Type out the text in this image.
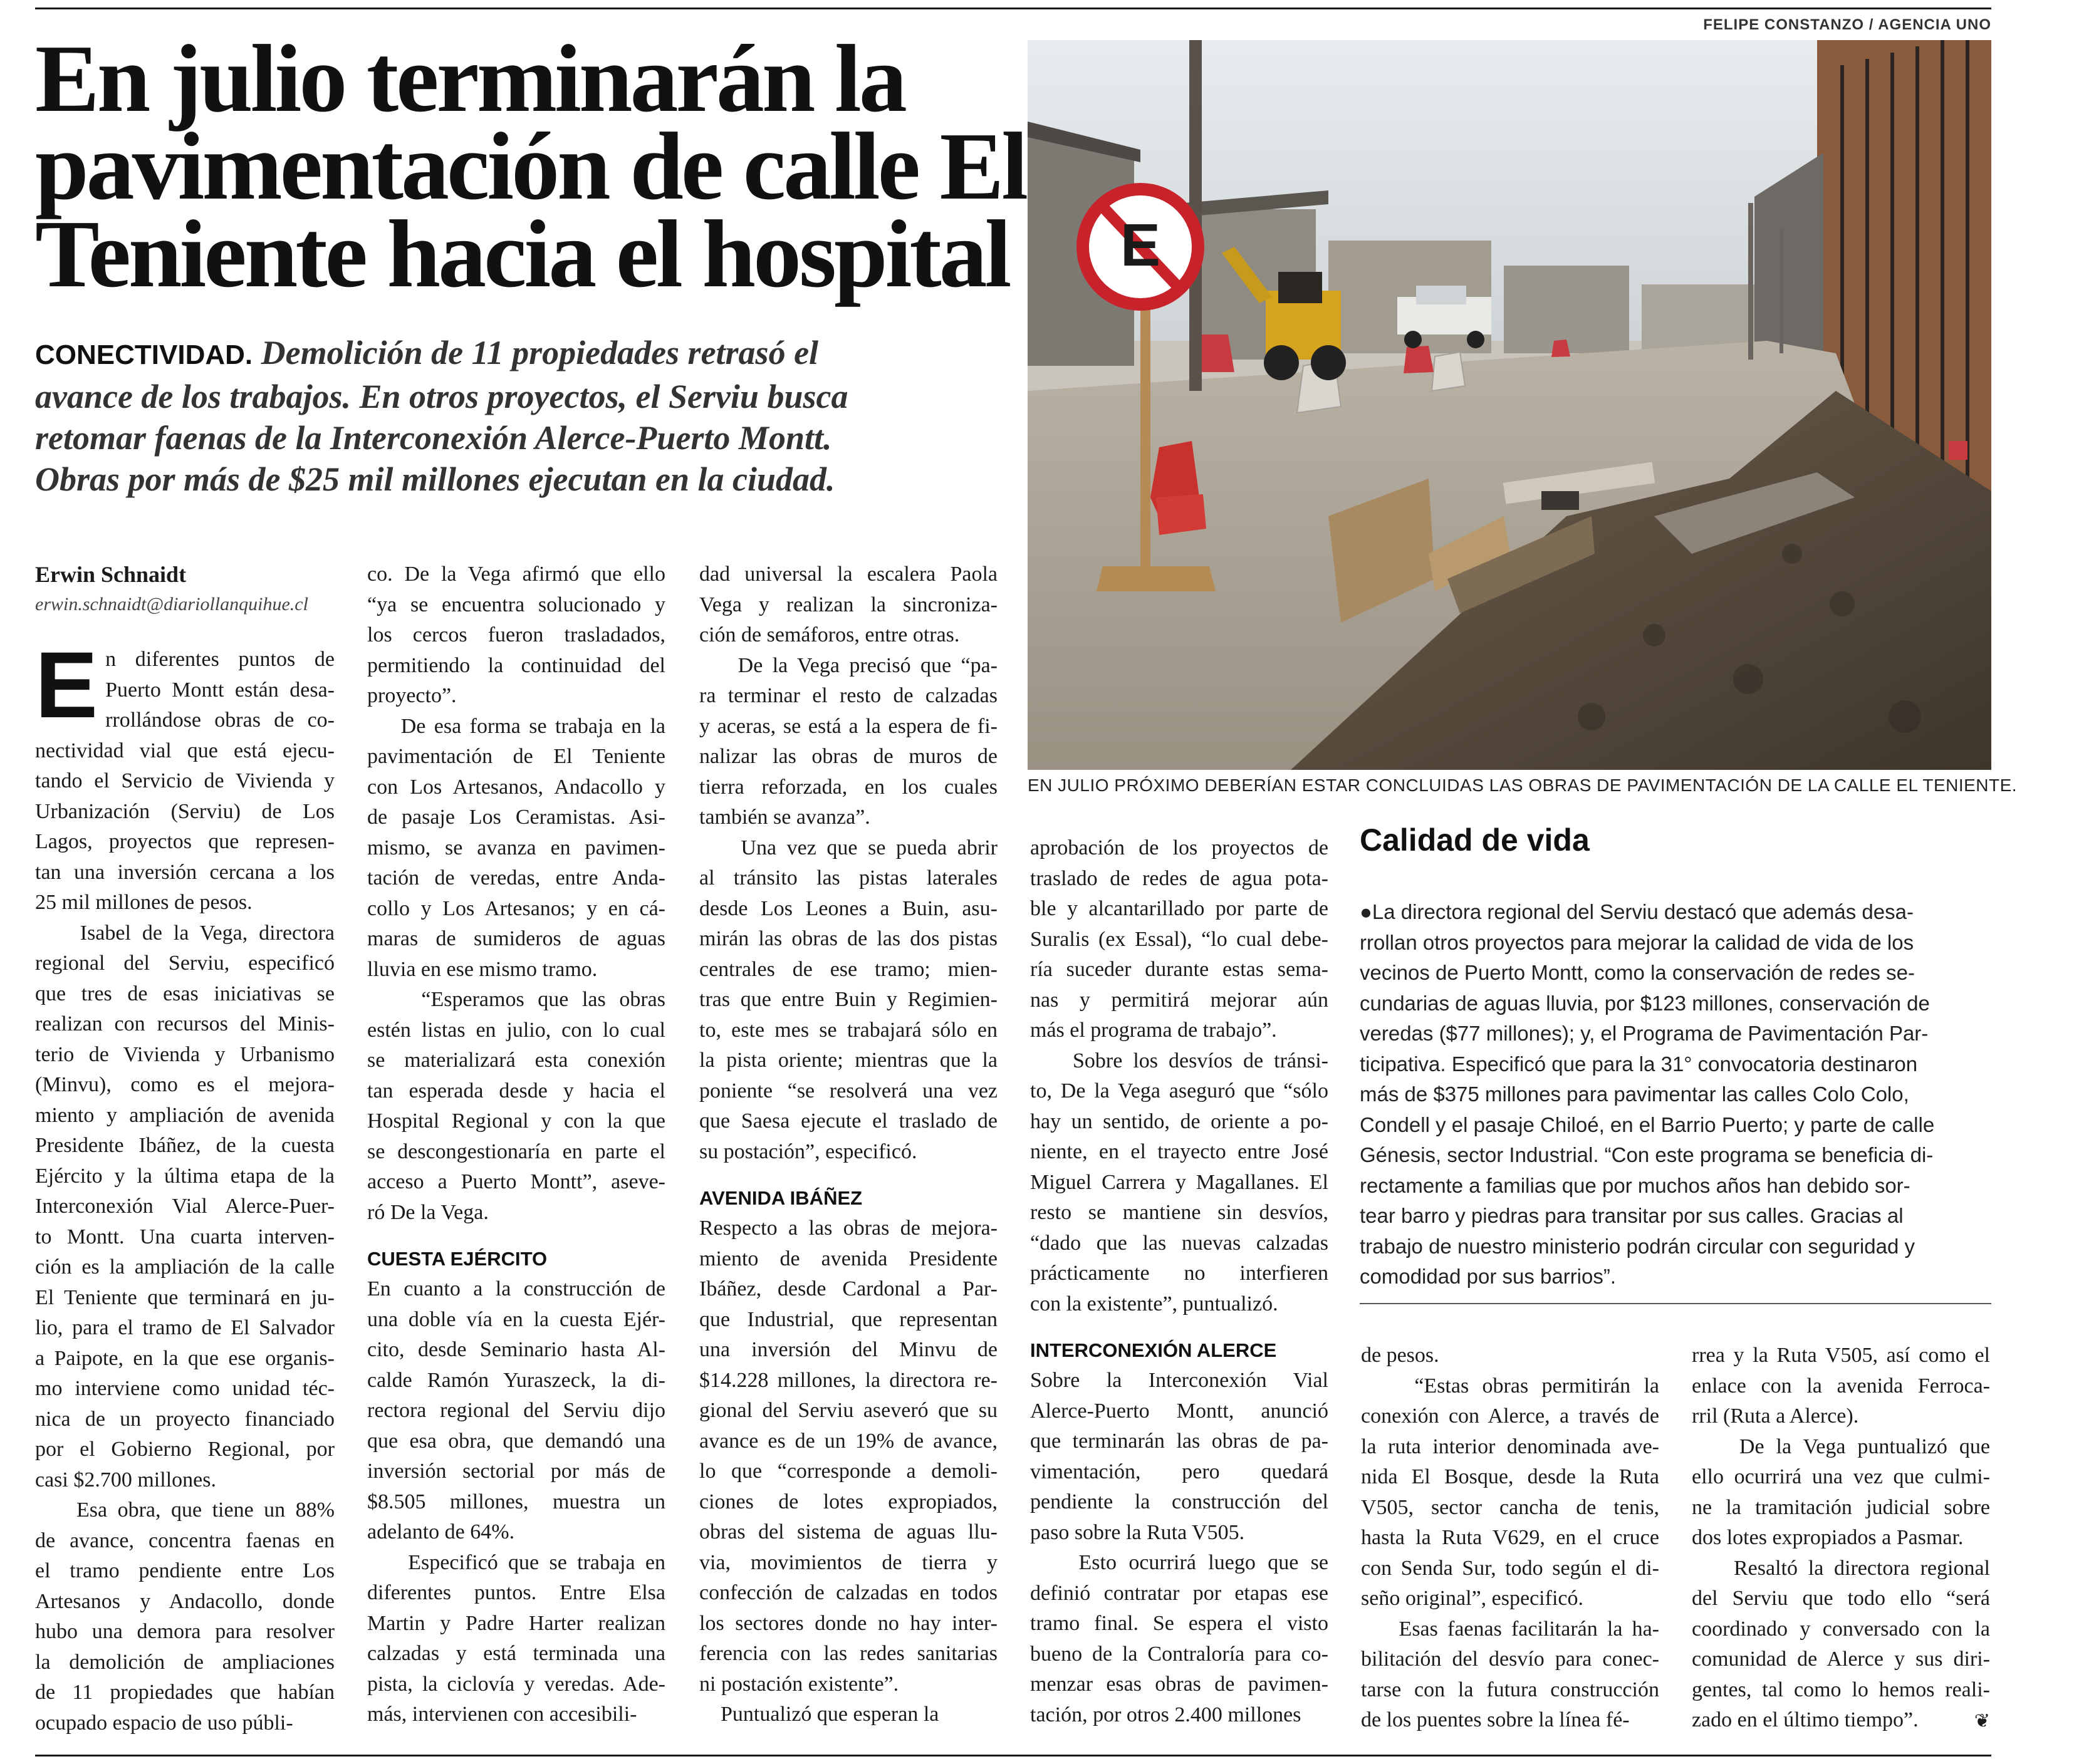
FELIPE CONSTANZO / AGENCIA UNO
En julio terminarán la
pavimentación de calle El
Teniente hacia el hospital
CONECTIVIDAD. Demolición de 11 propiedades retrasó el
avance de los trabajos. En otros proyectos, el Serviu busca
retomar faenas de la Interconexión Alerce-Puerto Montt.
Obras por más de $25 mil millones ejecutan en la ciudad.
E
EN JULIO PRÓXIMO DEBERÍAN ESTAR CONCLUIDAS LAS OBRAS DE PAVIMENTACIÓN DE LA CALLE EL TENIENTE.
Erwin Schnaidt
erwin.schnaidt@diariollanquihue.cl
E n diferentes puntos de
Puerto Montt están desa-
rrollándose obras de co-
nectividad vial que está ejecu-
tando el Servicio de Vivienda y
Urbanización (Serviu) de Los
Lagos, proyectos que represen-
tan una inversión cercana a los
25 mil millones de pesos.
Isabel de la Vega, directora
regional del Serviu, especificó
que tres de esas iniciativas se
realizan con recursos del Minis-
terio de Vivienda y Urbanismo
(Minvu), como es el mejora-
miento y ampliación de avenida
Presidente Ibáñez, de la cuesta
Ejército y la última etapa de la
Interconexión Vial Alerce-Puer-
to Montt. Una cuarta interven-
ción es la ampliación de la calle
El Teniente que terminará en ju-
lio, para el tramo de El Salvador
a Paipote, en la que ese organis-
mo interviene como unidad téc-
nica de un proyecto financiado
por el Gobierno Regional, por
casi $2.700 millones.
Esa obra, que tiene un 88%
de avance, concentra faenas en
el tramo pendiente entre Los
Artesanos y Andacollo, donde
hubo una demora para resolver
la demolición de ampliaciones
de 11 propiedades que habían
ocupado espacio de uso públi-
co. De la Vega afirmó que ello
“ya se encuentra solucionado y
los cercos fueron trasladados,
permitiendo la continuidad del
proyecto”.
De esa forma se trabaja en la
pavimentación de El Teniente
con Los Artesanos, Andacollo y
de pasaje Los Ceramistas. Asi-
mismo, se avanza en pavimen-
tación de veredas, entre Anda-
collo y Los Artesanos; y en cá-
maras de sumideros de aguas
lluvia en ese mismo tramo.
“Esperamos que las obras
estén listas en julio, con lo cual
se materializará esta conexión
tan esperada desde y hacia el
Hospital Regional y con la que
se descongestionaría en parte el
acceso a Puerto Montt”, asevе-
ró De la Vega.
CUESTA EJÉRCITO
En cuanto a la construcción de
una doble vía en la cuesta Ejér-
cito, desde Seminario hasta Al-
calde Ramón Yuraszeck, la di-
rectora regional del Serviu dijo
que esa obra, que demandó una
inversión sectorial por más de
$8.505 millones, muestra un
adelanto de 64%.
Especificó que se trabaja en
diferentes puntos. Entre Elsa
Martin y Padre Harter realizan
calzadas y está terminada una
pista, la ciclovía y veredas. Ade-
más, intervienen con accesibili-
dad universal la escalera Paola
Vega y realizan la sincroniza-
ción de semáforos, entre otras.
De la Vega precisó que “pa-
ra terminar el resto de calzadas
y aceras, se está a la espera de fi-
nalizar las obras de muros de
tierra reforzada, en los cuales
también se avanza”.
Una vez que se pueda abrir
al tránsito las pistas laterales
desde Los Leones a Buin, asu-
mirán las obras de las dos pistas
centrales de ese tramo; mien-
tras que entre Buin y Regimien-
to, este mes se trabajará sólo en
la pista oriente; mientras que la
poniente “se resolverá una vez
que Saesa ejecute el traslado de
su postación”, especificó.
AVENIDA IBÁÑEZ
Respecto a las obras de mejora-
miento de avenida Presidente
Ibáñez, desde Cardonal a Par-
que Industrial, que representan
una inversión del Minvu de
$14.228 millones, la directora re-
gional del Serviu aseveró que su
avance es de un 19% de avance,
lo que “corresponde a demoli-
ciones de lotes expropiados,
obras del sistema de aguas llu-
via, movimientos de tierra y
confección de calzadas en todos
los sectores donde no hay inter-
ferencia con las redes sanitarias
ni postación existente”.
Puntualizó que esperan la
aprobación de los proyectos de
traslado de redes de agua pota-
ble y alcantarillado por parte de
Suralis (ex Essal), “lo cual debe-
ría suceder durante estas sema-
nas y permitirá mejorar aún
más el programa de trabajo”.
Sobre los desvíos de tránsi-
to, De la Vega aseguró que “sólo
hay un sentido, de oriente a po-
niente, en el trayecto entre José
Miguel Carrera y Magallanes. El
resto se mantiene sin desvíos,
“dado que las nuevas calzadas
prácticamente no interfieren
con la existente”, puntualizó.
INTERCONEXIÓN ALERCE
Sobre la Interconexión Vial
Alerce-Puerto Montt, anunció
que terminarán las obras de pa-
vimentación, pero quedará
pendiente la construcción del
paso sobre la Ruta V505.
Esto ocurrirá luego que se
definió contratar por etapas ese
tramo final. Se espera el visto
bueno de la Contraloría para co-
menzar esas obras de pavimen-
tación, por otros 2.400 millones
Calidad de vida
●La directora regional del Serviu destacó que además desa-
rrollan otros proyectos para mejorar la calidad de vida de los
vecinos de Puerto Montt, como la conservación de redes se-
cundarias de aguas lluvia, por $123 millones, conservación de
veredas ($77 millones); y, el Programa de Pavimentación Par-
ticipativa. Especificó que para la 31° convocatoria destinaron
más de $375 millones para pavimentar las calles Colo Colo,
Condell y el pasaje Chiloé, en el Barrio Puerto; y parte de calle
Génesis, sector Industrial. “Con este programa se beneficia di-
rectamente a familias que por muchos años han debido sor-
tear barro y piedras para transitar por sus calles. Gracias al
trabajo de nuestro ministerio podrán circular con seguridad y
comodidad por sus barrios”.
de pesos.
“Estas obras permitirán la
conexión con Alerce, a través de
la ruta interior denominada ave-
nida El Bosque, desde la Ruta
V505, sector cancha de tenis,
hasta la Ruta V629, en el cruce
con Senda Sur, todo según el di-
seño original”, especificó.
Esas faenas facilitarán la ha-
bilitación del desvío para conec-
tarse con la futura construcción
de los puentes sobre la línea fé-
rrea y la Ruta V505, así como el
enlace con la avenida Ferroca-
rril (Ruta a Alerce).
De la Vega puntualizó que
ello ocurrirá una vez que culmi-
ne la tramitación judicial sobre
dos lotes expropiados a Pasmar.
Resaltó la directora regional
del Serviu que todo ello “será
coordinado y conversado con la
comunidad de Alerce y sus diri-
gentes, tal como lo hemos reali-
zado en el último tiempo”.	❦
